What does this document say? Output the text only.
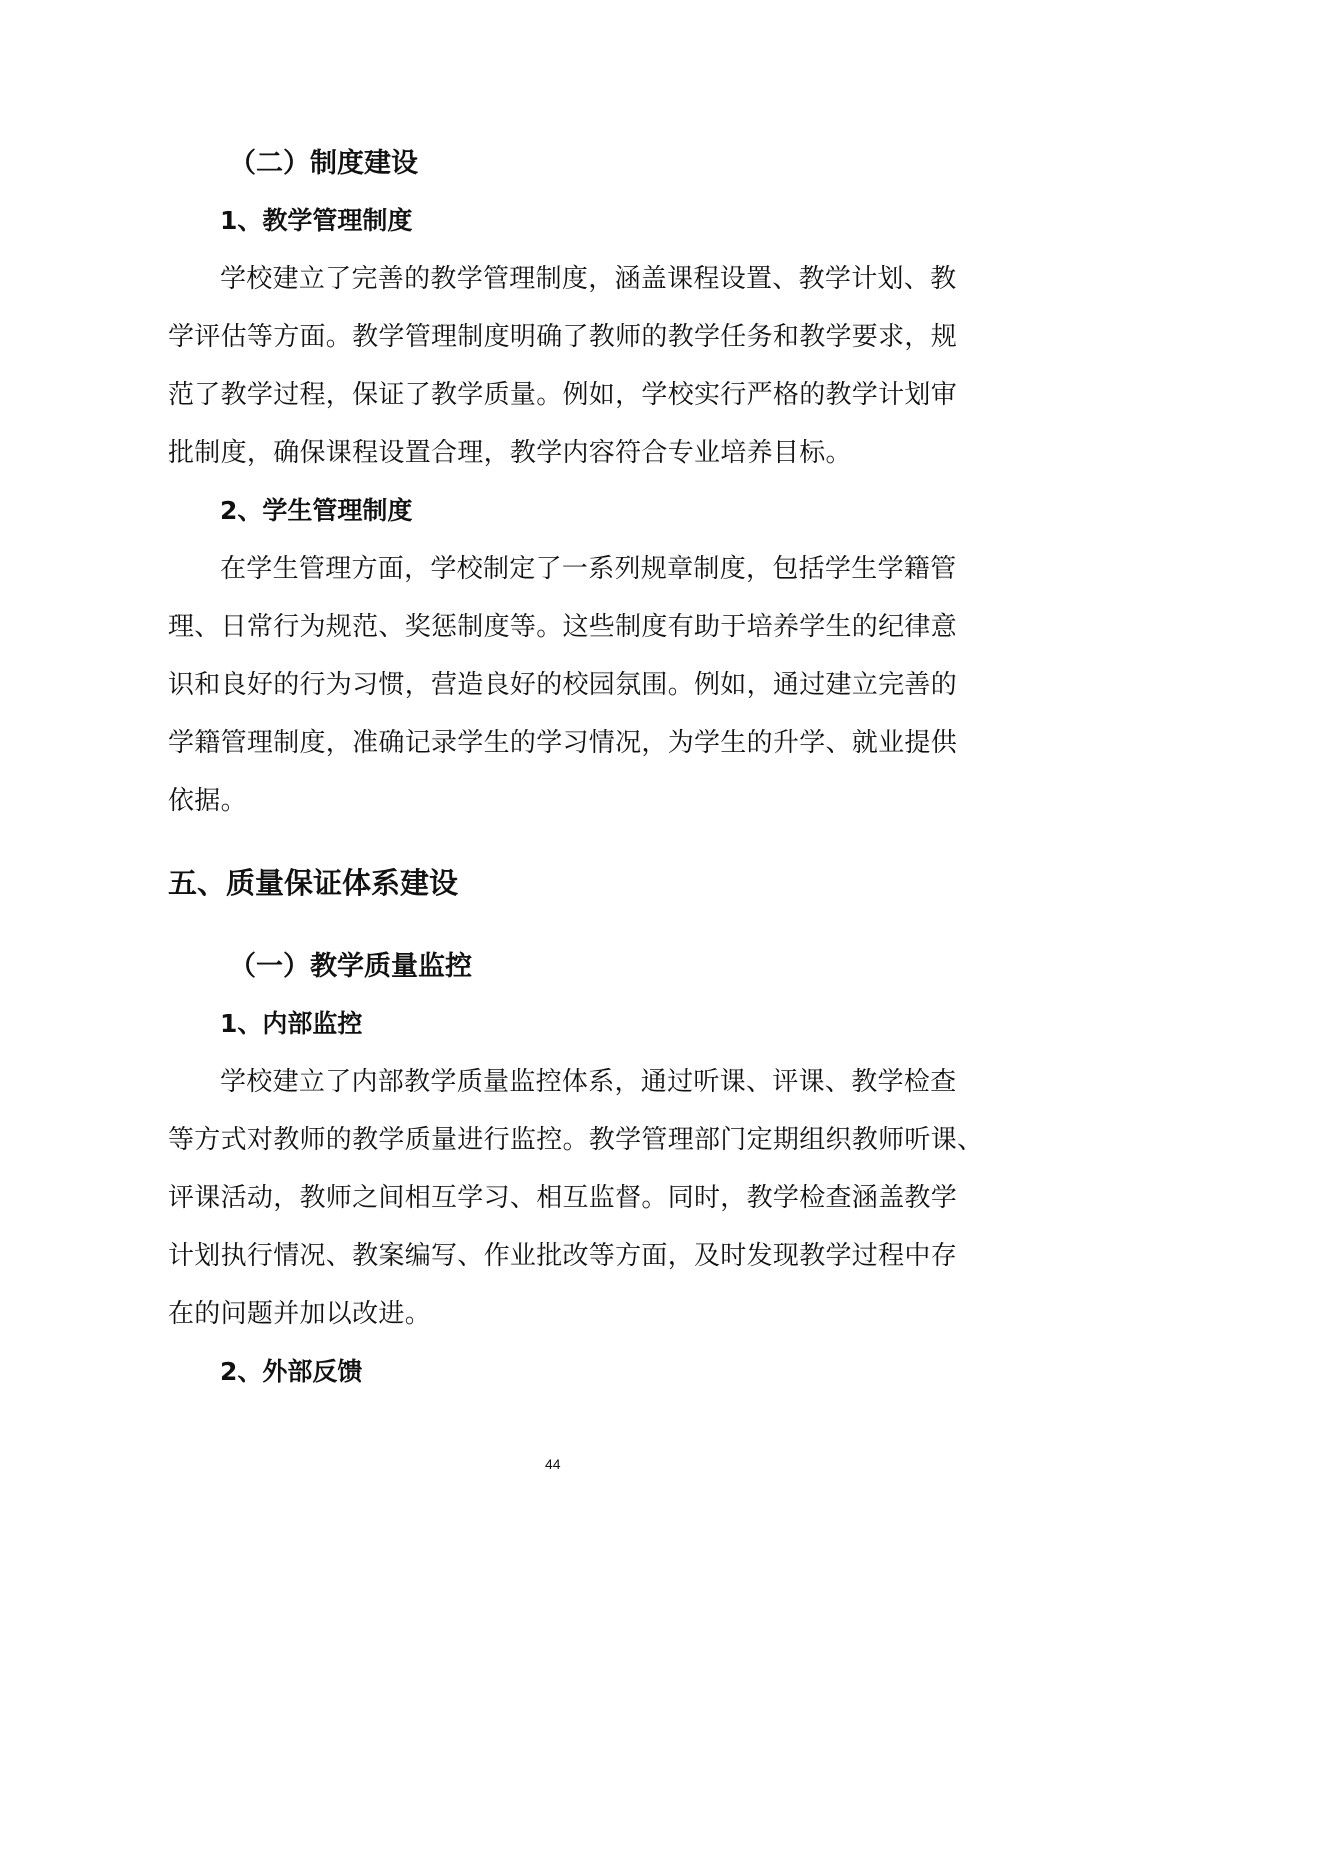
（二）制度建设
1、教学管理制度
学校建立了完善的教学管理制度，涵盖课程设置、教学计划、教
学评估等方面。教学管理制度明确了教师的教学任务和教学要求，规
范了教学过程，保证了教学质量。例如，学校实行严格的教学计划审
批制度，确保课程设置合理，教学内容符合专业培养目标。
2、学生管理制度
在学生管理方面，学校制定了一系列规章制度，包括学生学籍管
理、日常行为规范、奖惩制度等。这些制度有助于培养学生的纪律意
识和良好的行为习惯，营造良好的校园氛围。例如，通过建立完善的
学籍管理制度，准确记录学生的学习情况，为学生的升学、就业提供
依据。
五、质量保证体系建设
（一）教学质量监控
1、内部监控
学校建立了内部教学质量监控体系，通过听课、评课、教学检查
等方式对教师的教学质量进行监控。教学管理部门定期组织教师听课、
评课活动，教师之间相互学习、相互监督。同时，教学检查涵盖教学
计划执行情况、教案编写、作业批改等方面，及时发现教学过程中存
在的问题并加以改进。
2、外部反馈
44
